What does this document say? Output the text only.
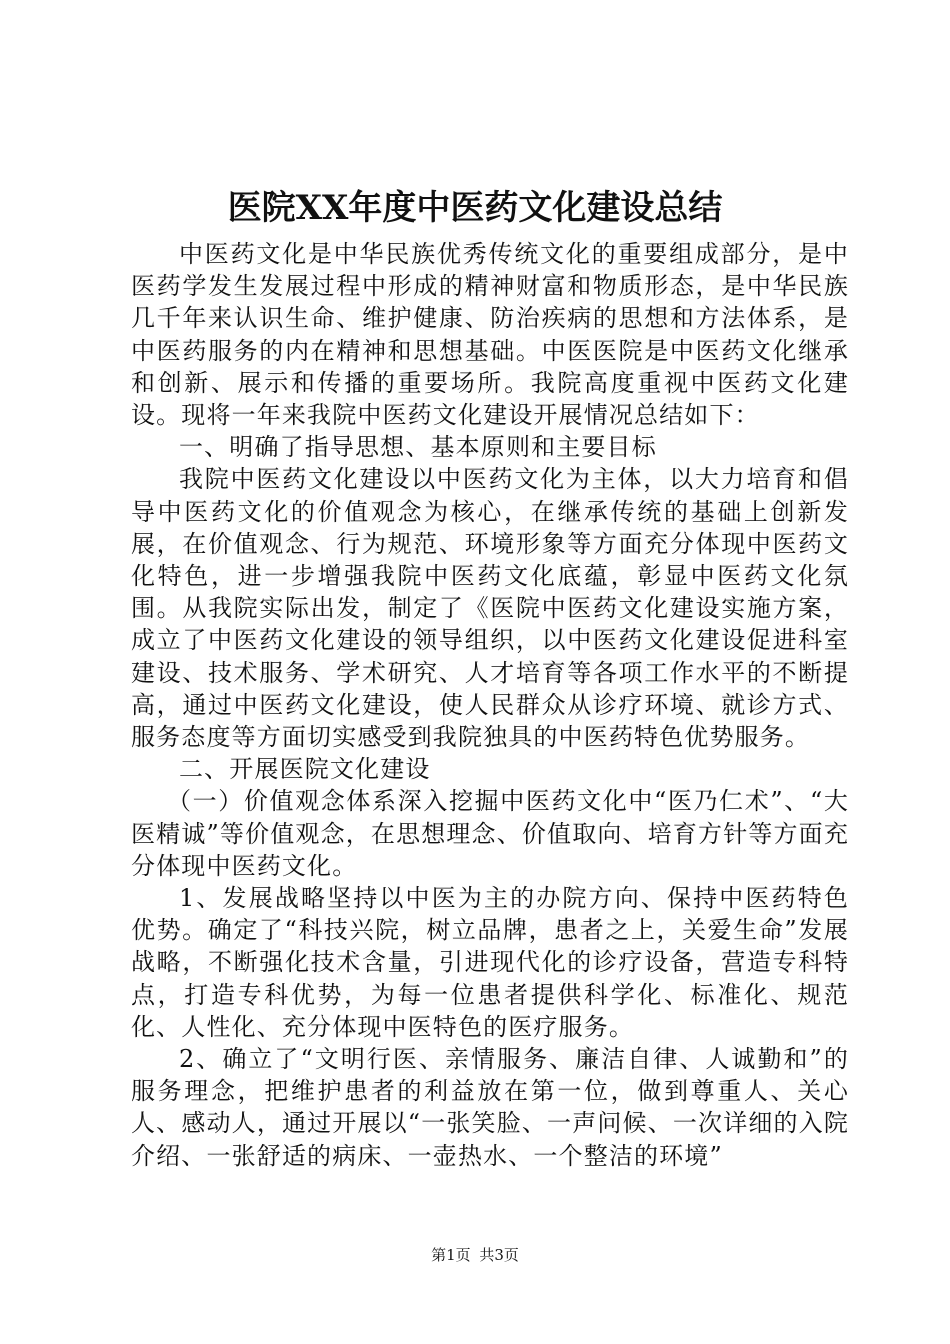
医院XX年度中医药文化建设总结

中医药文化是中华民族优秀传统文化的重要组成部分，是中医药学发生发展过程中形成的精神财富和物质形态，是中华民族几千年来认识生命、维护健康、防治疾病的思想和方法体系，是中医药服务的内在精神和思想基础。中医医院是中医药文化继承和创新、展示和传播的重要场所。我院高度重视中医药文化建设。现将一年来我院中医药文化建设开展情况总结如下：

一、明确了指导思想、基本原则和主要目标

我院中医药文化建设以中医药文化为主体，以大力培育和倡导中医药文化的价值观念为核心，在继承传统的基础上创新发展，在价值观念、行为规范、环境形象等方面充分体现中医药文化特色，进一步增强我院中医药文化底蕴，彰显中医药文化氛围。从我院实际出发，制定了《医院中医药文化建设实施方案，成立了中医药文化建设的领导组织，以中医药文化建设促进科室建设、技术服务、学术研究、人才培育等各项工作水平的不断提高，通过中医药文化建设，使人民群众从诊疗环境、就诊方式、服务态度等方面切实感受到我院独具的中医药特色优势服务。

二、开展医院文化建设

（一）价值观念体系深入挖掘中医药文化中“医乃仁术”、“大医精诚”等价值观念，在思想理念、价值取向、培育方针等方面充分体现中医药文化。

1、发展战略坚持以中医为主的办院方向、保持中医药特色优势。确定了“科技兴院，树立品牌，患者之上，关爱生命”发展战略，不断强化技术含量，引进现代化的诊疗设备，营造专科特点，打造专科优势，为每一位患者提供科学化、标准化、规范化、人性化、充分体现中医特色的医疗服务。

2、确立了“文明行医、亲情服务、廉洁自律、人诚勤和”的服务理念，把维护患者的利益放在第一位，做到尊重人、关心人、感动人，通过开展以“一张笑脸、一声问候、一次详细的入院介绍、一张舒适的病床、一壶热水、一个整洁的环境”

第1页 共3页
